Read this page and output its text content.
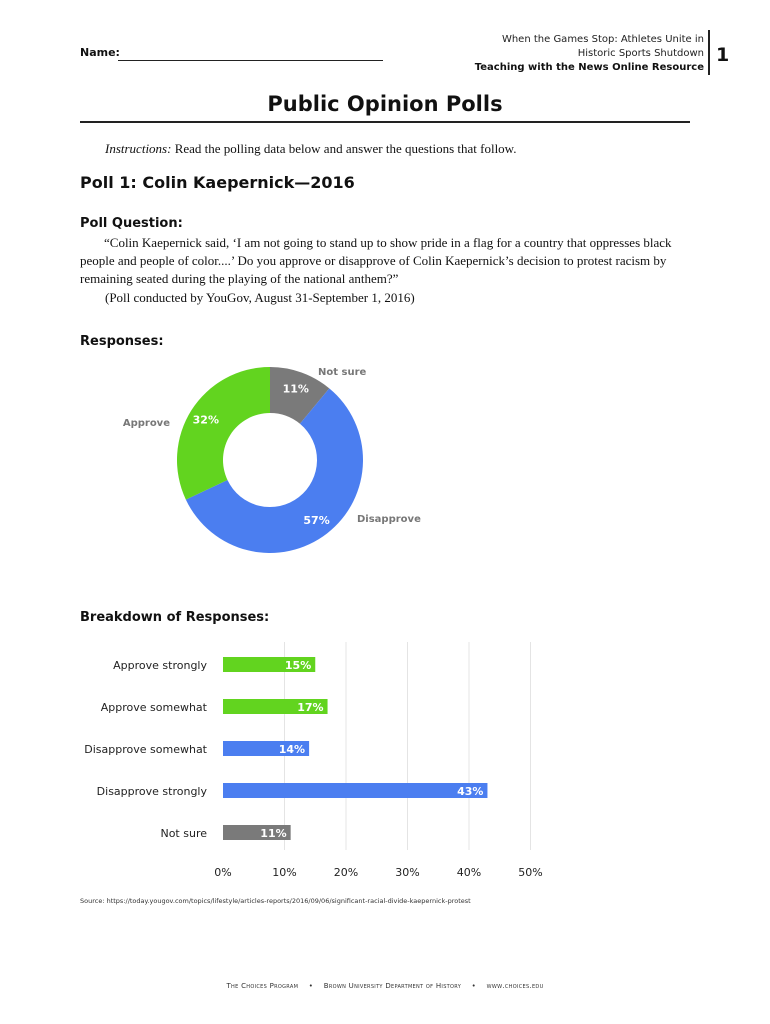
Name:
When the Games Stop: Athletes Unite in
Historic Sports Shutdown
Teaching with the News Online Resource
1
Public Opinion Polls
Instructions: Read the polling data below and answer the questions that follow.
Poll 1: Colin Kaepernick—2016
Poll Question:
“Colin Kaepernick said, ‘I am not going to stand up to show pride in a flag for a country that oppresses black people and people of color....’ Do you approve or disapprove of Colin Kaepernick’s decision to protest racism by remaining seated during the playing of the national anthem?”
(Poll conducted by YouGov, August 31-September 1, 2016)
Responses:
11%
Not sure
57%	Disapprove
32%
Approve
Breakdown of Responses:
0%	10%	20%	30%	40%	50%
Approve strongly	15%
Approve somewhat	17%
Disapprove somewhat	14%
Disapprove strongly	43%
Not sure	11%
Source: https://today.yougov.com/topics/lifestyle/articles-reports/2016/09/06/significant-racial-divide-kaepernick-protest
The Choices Program • Brown University Department of History • www.choices.edu
